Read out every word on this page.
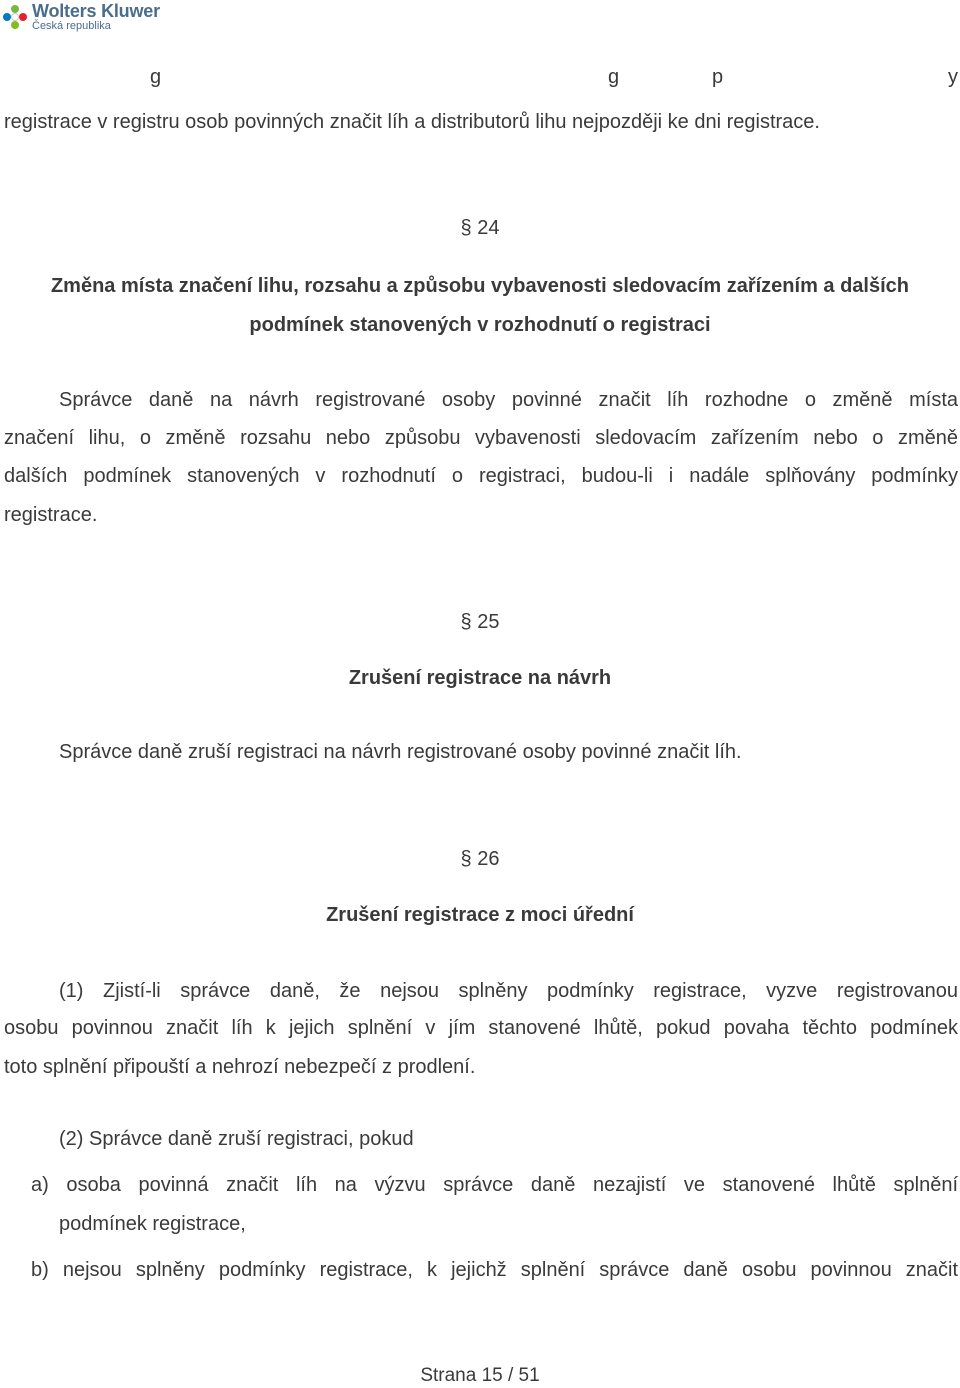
Wolters Kluwer
Česká republika
g	g	p	y
registrace v registru osob povinných značit líh a distributorů lihu nejpozději ke dni registrace.
§ 24
Změna místa značení lihu, rozsahu a způsobu vybavenosti sledovacím zařízením a dalších
podmínek stanovených v rozhodnutí o registraci
Správce daně na návrh registrované osoby povinné značit líh rozhodne o změně místa
značení lihu, o změně rozsahu nebo způsobu vybavenosti sledovacím zařízením nebo o změně
dalších podmínek stanovených v rozhodnutí o registraci, budou-li i nadále splňovány podmínky
registrace.
§ 25
Zrušení registrace na návrh
Správce daně zruší registraci na návrh registrované osoby povinné značit líh.
§ 26
Zrušení registrace z moci úřední
(1) Zjistí-li správce daně, že nejsou splněny podmínky registrace, vyzve registrovanou
osobu povinnou značit líh k jejich splnění v jím stanovené lhůtě, pokud povaha těchto podmínek
toto splnění připouští a nehrozí nebezpečí z prodlení.
(2) Správce daně zruší registraci, pokud
a) osoba povinná značit líh na výzvu správce daně nezajistí ve stanovené lhůtě splnění
podmínek registrace,
b) nejsou splněny podmínky registrace, k jejichž splnění správce daně osobu povinnou značit
Strana 15 / 51
